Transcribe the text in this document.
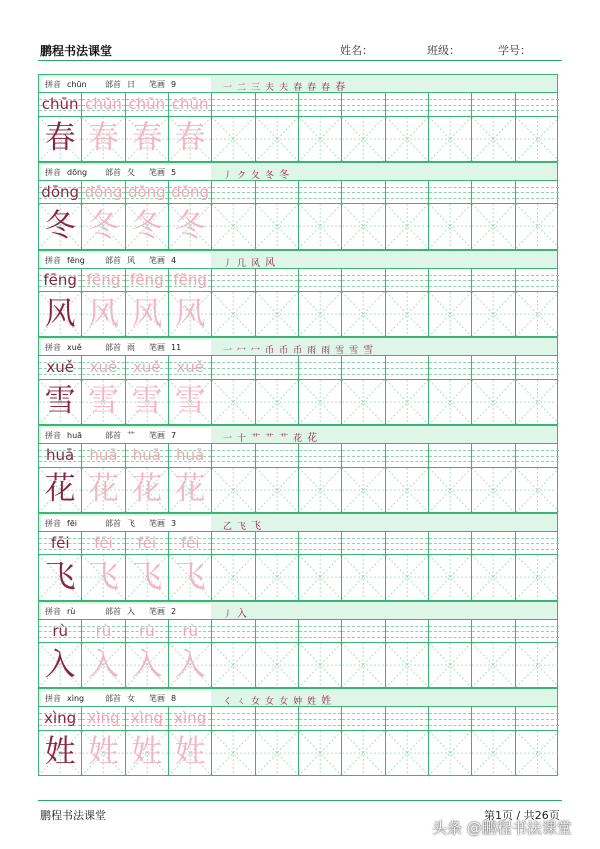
鹏程书法课堂	姓名：	班级：	学号：
拼音 chūn	部首 日	笔画 9	一 二 三 夫 夫 春 春 春 春
chūn chūn chūn chūn
春 春 春 春
拼音 dōng	部首 夂	笔画 5	丿 ク 夂 冬 冬
dōng dōng dōng dōng
冬 冬 冬 冬
拼音 fēng	部首 风	笔画 4	丿 几 风 风
fēng fēng fēng fēng
风 风 风 风
拼音 xuě	部首 雨	笔画 11	一 冖 冖 币 币 币 雨 雨 雪 雪 雪
xuě	xuě	xuě	xuě
雪 雪 雪 雪
拼音 huā	部首 艹	笔画 7	一 十 艹 艹 艹 花 花
huā	huā	huā	huā
花 花 花 花
拼音 fēi	部首 飞	笔画 3	乙 飞 飞
fēi	fēi	fēi	fēi
飞 飞 飞 飞
拼音 rù	部首 入	笔画 2	丿 入
rù	rù	rù	rù
入 入 入 入
拼音 xìng	部首 女	笔画 8	く ㄑ 女 女 女 妕 姓 姓
xìng xìng xìng xìng
姓 姓 姓 姓
鹏程书法课堂	第1页 / 共26页
头条 @鹏程书法课堂
